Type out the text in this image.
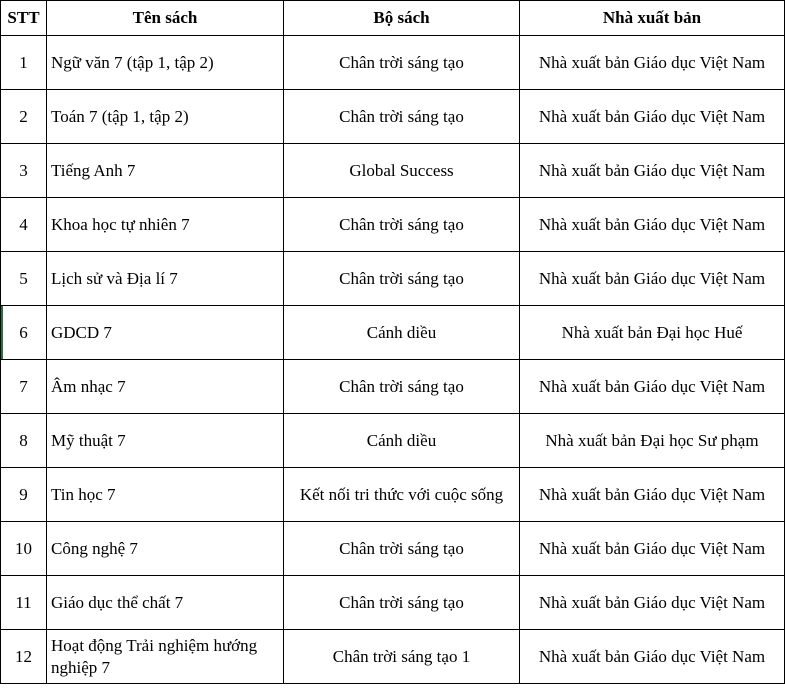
STT	Tên sách	Bộ sách	Nhà xuất bản
1	Ngữ văn 7 (tập 1, tập 2)	Chân trời sáng tạo	Nhà xuất bản Giáo dục Việt Nam
2	Toán 7 (tập 1, tập 2)	Chân trời sáng tạo	Nhà xuất bản Giáo dục Việt Nam
3	Tiếng Anh 7	Global Success	Nhà xuất bản Giáo dục Việt Nam
4	Khoa học tự nhiên 7	Chân trời sáng tạo	Nhà xuất bản Giáo dục Việt Nam
5	Lịch sử và Địa lí 7	Chân trời sáng tạo	Nhà xuất bản Giáo dục Việt Nam
6	GDCD 7	Cánh diều	Nhà xuất bản Đại học Huế
7	Âm nhạc 7	Chân trời sáng tạo	Nhà xuất bản Giáo dục Việt Nam
8	Mỹ thuật 7	Cánh diều	Nhà xuất bản Đại học Sư phạm
9	Tin học 7	Kết nối tri thức với cuộc sống	Nhà xuất bản Giáo dục Việt Nam
10	Công nghệ 7	Chân trời sáng tạo	Nhà xuất bản Giáo dục Việt Nam
11	Giáo dục thể chất 7	Chân trời sáng tạo	Nhà xuất bản Giáo dục Việt Nam
12	Hoạt động Trải nghiệm hướng nghiệp 7	Chân trời sáng tạo 1	Nhà xuất bản Giáo dục Việt Nam
